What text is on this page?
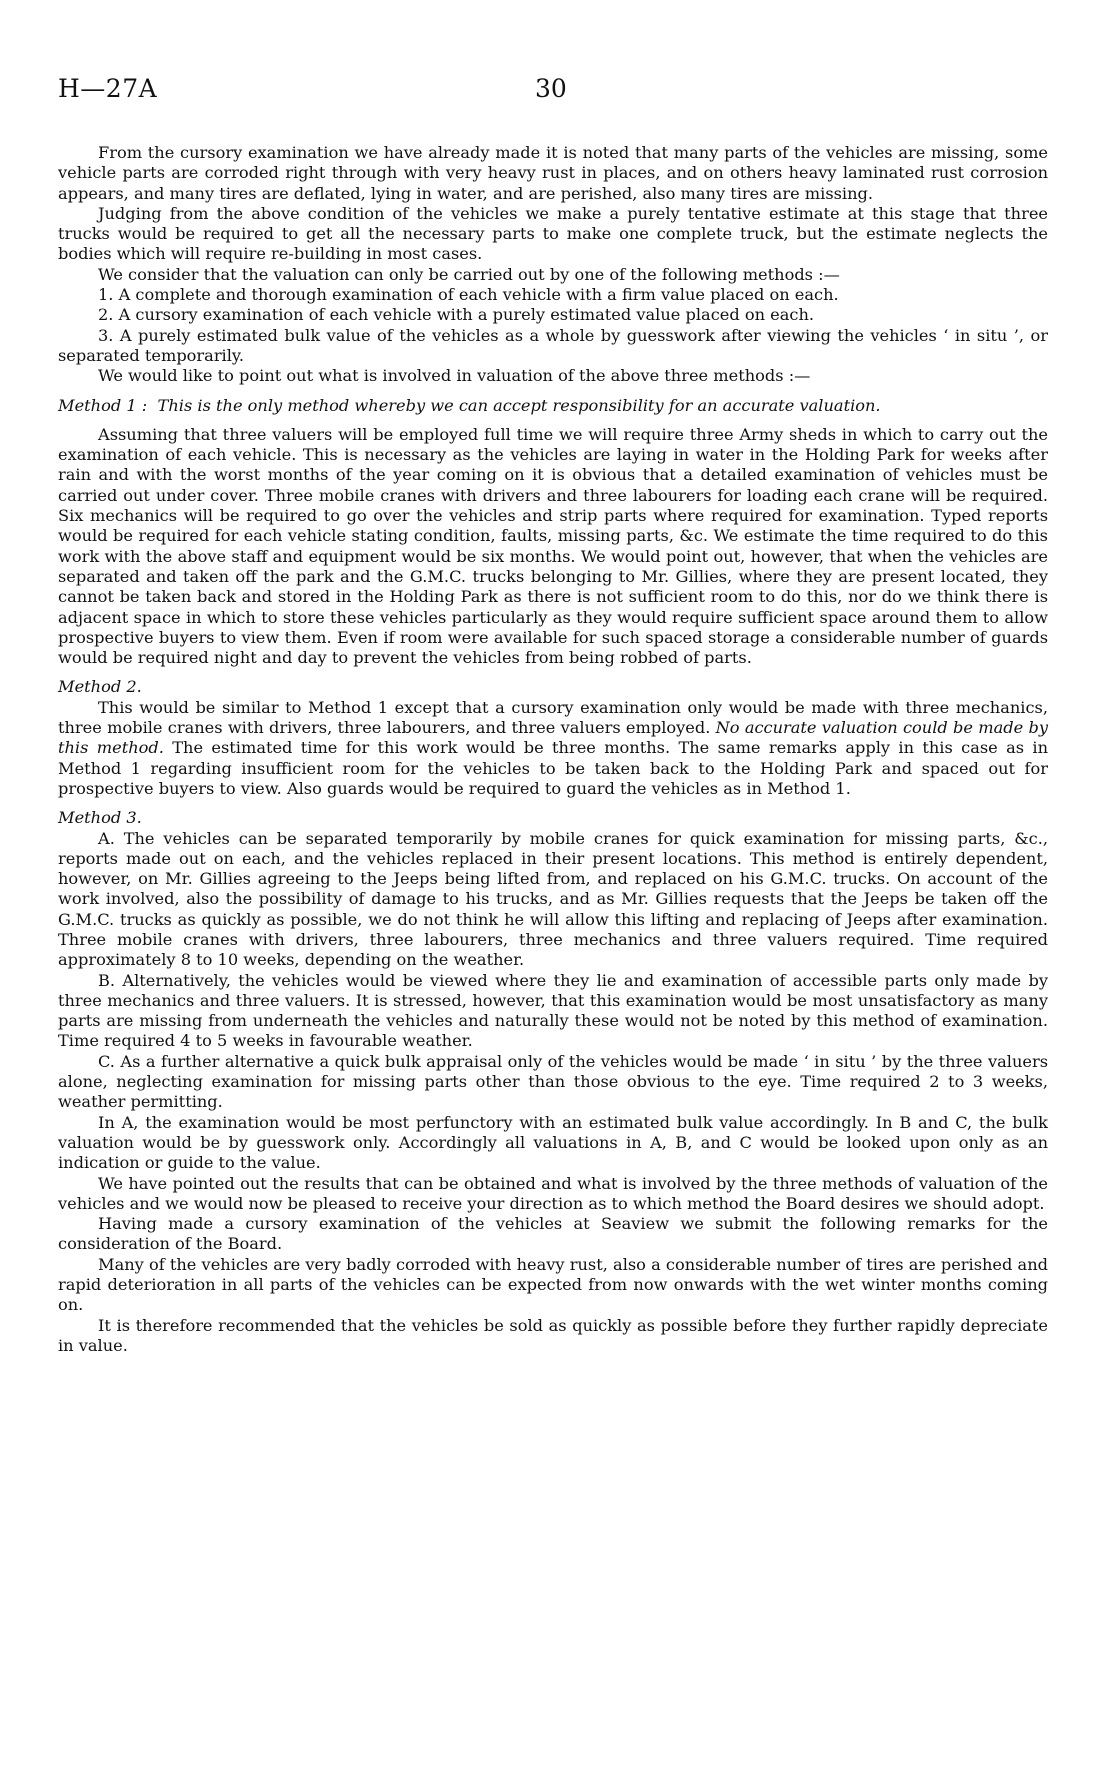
H—27A	30

From the cursory examination we have already made it is noted that many parts of the vehicles are missing, some vehicle parts are corroded right through with very heavy rust in places, and on others heavy laminated rust corrosion appears, and many tires are deflated, lying in water, and are perished, also many tires are missing.

Judging from the above condition of the vehicles we make a purely tentative estimate at this stage that three trucks would be required to get all the necessary parts to make one complete truck, but the estimate neglects the bodies which will require re-building in most cases.

We consider that the valuation can only be carried out by one of the following methods :—

1. A complete and thorough examination of each vehicle with a firm value placed on each.

2. A cursory examination of each vehicle with a purely estimated value placed on each.

3. A purely estimated bulk value of the vehicles as a whole by guesswork after viewing the vehicles ‘ in situ ’, or separated temporarily.

We would like to point out what is involved in valuation of the above three methods :—

Method 1 : This is the only method whereby we can accept responsibility for an accurate valuation.

Assuming that three valuers will be employed full time we will require three Army sheds in which to carry out the examination of each vehicle. This is necessary as the vehicles are laying in water in the Holding Park for weeks after rain and with the worst months of the year coming on it is obvious that a detailed examination of vehicles must be carried out under cover. Three mobile cranes with drivers and three labourers for loading each crane will be required. Six mechanics will be required to go over the vehicles and strip parts where required for examination. Typed reports would be required for each vehicle stating condition, faults, missing parts, &c. We estimate the time required to do this work with the above staff and equipment would be six months. We would point out, however, that when the vehicles are separated and taken off the park and the G.M.C. trucks belonging to Mr. Gillies, where they are present located, they cannot be taken back and stored in the Holding Park as there is not sufficient room to do this, nor do we think there is adjacent space in which to store these vehicles particularly as they would require sufficient space around them to allow prospective buyers to view them. Even if room were available for such spaced storage a considerable number of guards would be required night and day to prevent the vehicles from being robbed of parts.

Method 2.

This would be similar to Method 1 except that a cursory examination only would be made with three mechanics, three mobile cranes with drivers, three labourers, and three valuers employed. No accurate valuation could be made by this method. The estimated time for this work would be three months. The same remarks apply in this case as in Method 1 regarding insufficient room for the vehicles to be taken back to the Holding Park and spaced out for prospective buyers to view. Also guards would be required to guard the vehicles as in Method 1.

Method 3.

A. The vehicles can be separated temporarily by mobile cranes for quick examination for missing parts, &c., reports made out on each, and the vehicles replaced in their present locations. This method is entirely dependent, however, on Mr. Gillies agreeing to the Jeeps being lifted from, and replaced on his G.M.C. trucks. On account of the work involved, also the possibility of damage to his trucks, and as Mr. Gillies requests that the Jeeps be taken off the G.M.C. trucks as quickly as possible, we do not think he will allow this lifting and replacing of Jeeps after examination. Three mobile cranes with drivers, three labourers, three mechanics and three valuers required. Time required approximately 8 to 10 weeks, depending on the weather.

B. Alternatively, the vehicles would be viewed where they lie and examination of accessible parts only made by three mechanics and three valuers. It is stressed, however, that this examination would be most unsatisfactory as many parts are missing from underneath the vehicles and naturally these would not be noted by this method of examination. Time required 4 to 5 weeks in favourable weather.

C. As a further alternative a quick bulk appraisal only of the vehicles would be made ‘ in situ ’ by the three valuers alone, neglecting examination for missing parts other than those obvious to the eye. Time required 2 to 3 weeks, weather permitting.

In A, the examination would be most perfunctory with an estimated bulk value accordingly. In B and C, the bulk valuation would be by guesswork only. Accordingly all valuations in A, B, and C would be looked upon only as an indication or guide to the value.

We have pointed out the results that can be obtained and what is involved by the three methods of valuation of the vehicles and we would now be pleased to receive your direction as to which method the Board desires we should adopt.

Having made a cursory examination of the vehicles at Seaview we submit the following remarks for the consideration of the Board.

Many of the vehicles are very badly corroded with heavy rust, also a considerable number of tires are perished and rapid deterioration in all parts of the vehicles can be expected from now onwards with the wet winter months coming on.

It is therefore recommended that the vehicles be sold as quickly as possible before they further rapidly depreciate in value.
